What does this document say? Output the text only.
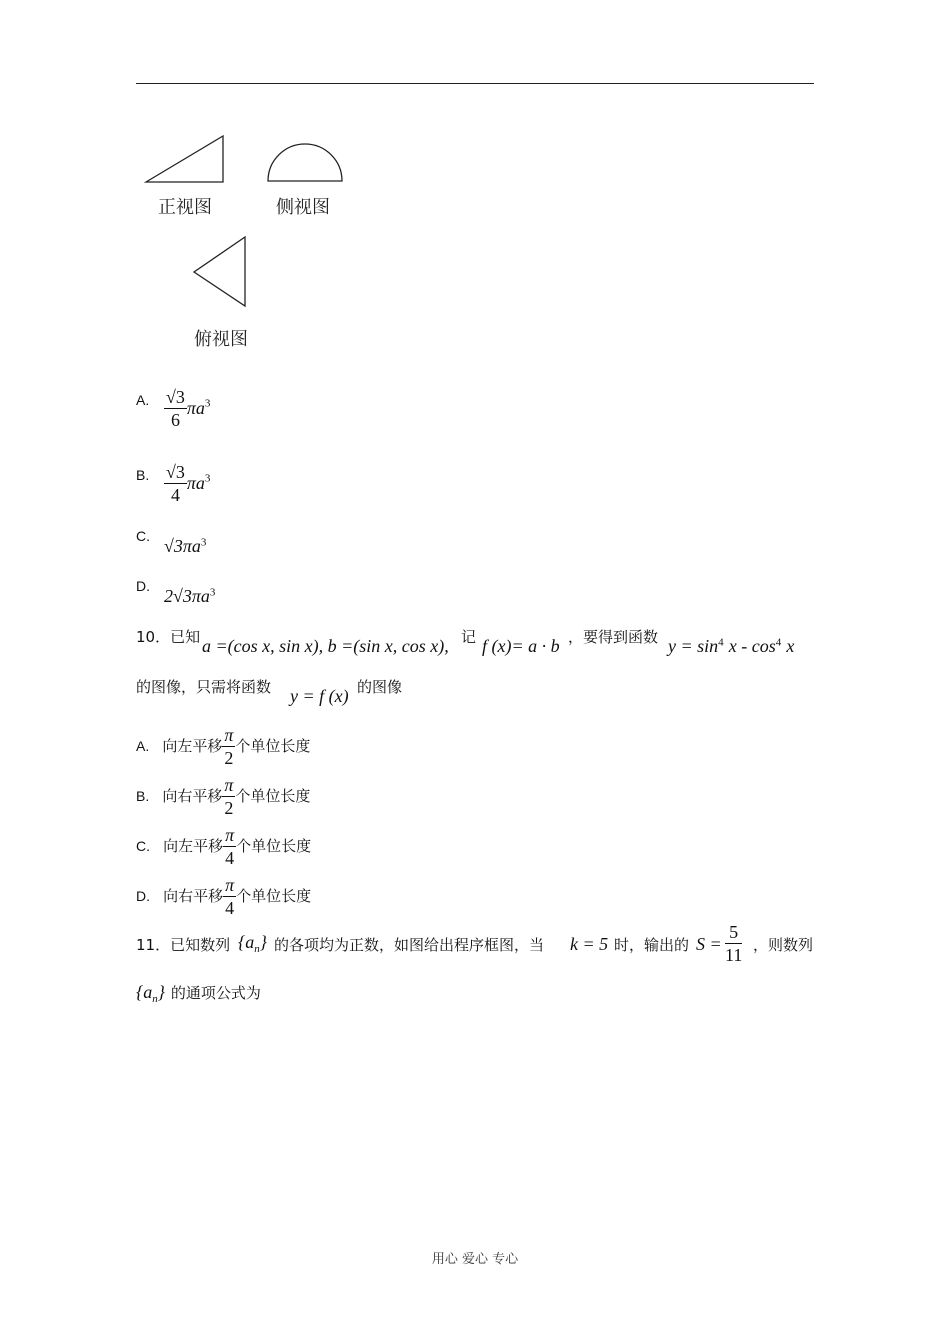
正视图	侧视图
俯视图
A. $\frac{√3}{6} \pi a^3$
B. $\frac{√3}{4} \pi a^3$
C. $√3\pi a^3$
D. $2√3\pi a^3$
10．已知 a =(cos x, sin x), b =(sin x, cos x), 记 f (x)= a · b ，要得到函数 $y = \sin^4 x - \cos^4 x$
的图像，只需将函数 y = f (x) 的图像
A. 向左平移 $\frac{\pi}{2}$ 个单位长度
B. 向右平移 $\frac{\pi}{2}$ 个单位长度
C. 向左平移 $\frac{\pi}{4}$ 个单位长度
D. 向右平移 $\frac{\pi}{4}$ 个单位长度
11．已知数列 $\{a_n\}$ 的各项均为正数，如图给出程序框图，当 k = 5 时，输出的 $S = \frac{5}{11}$ ，则数列
$\{a_n\}$ 的通项公式为
用心 爱心 专心
